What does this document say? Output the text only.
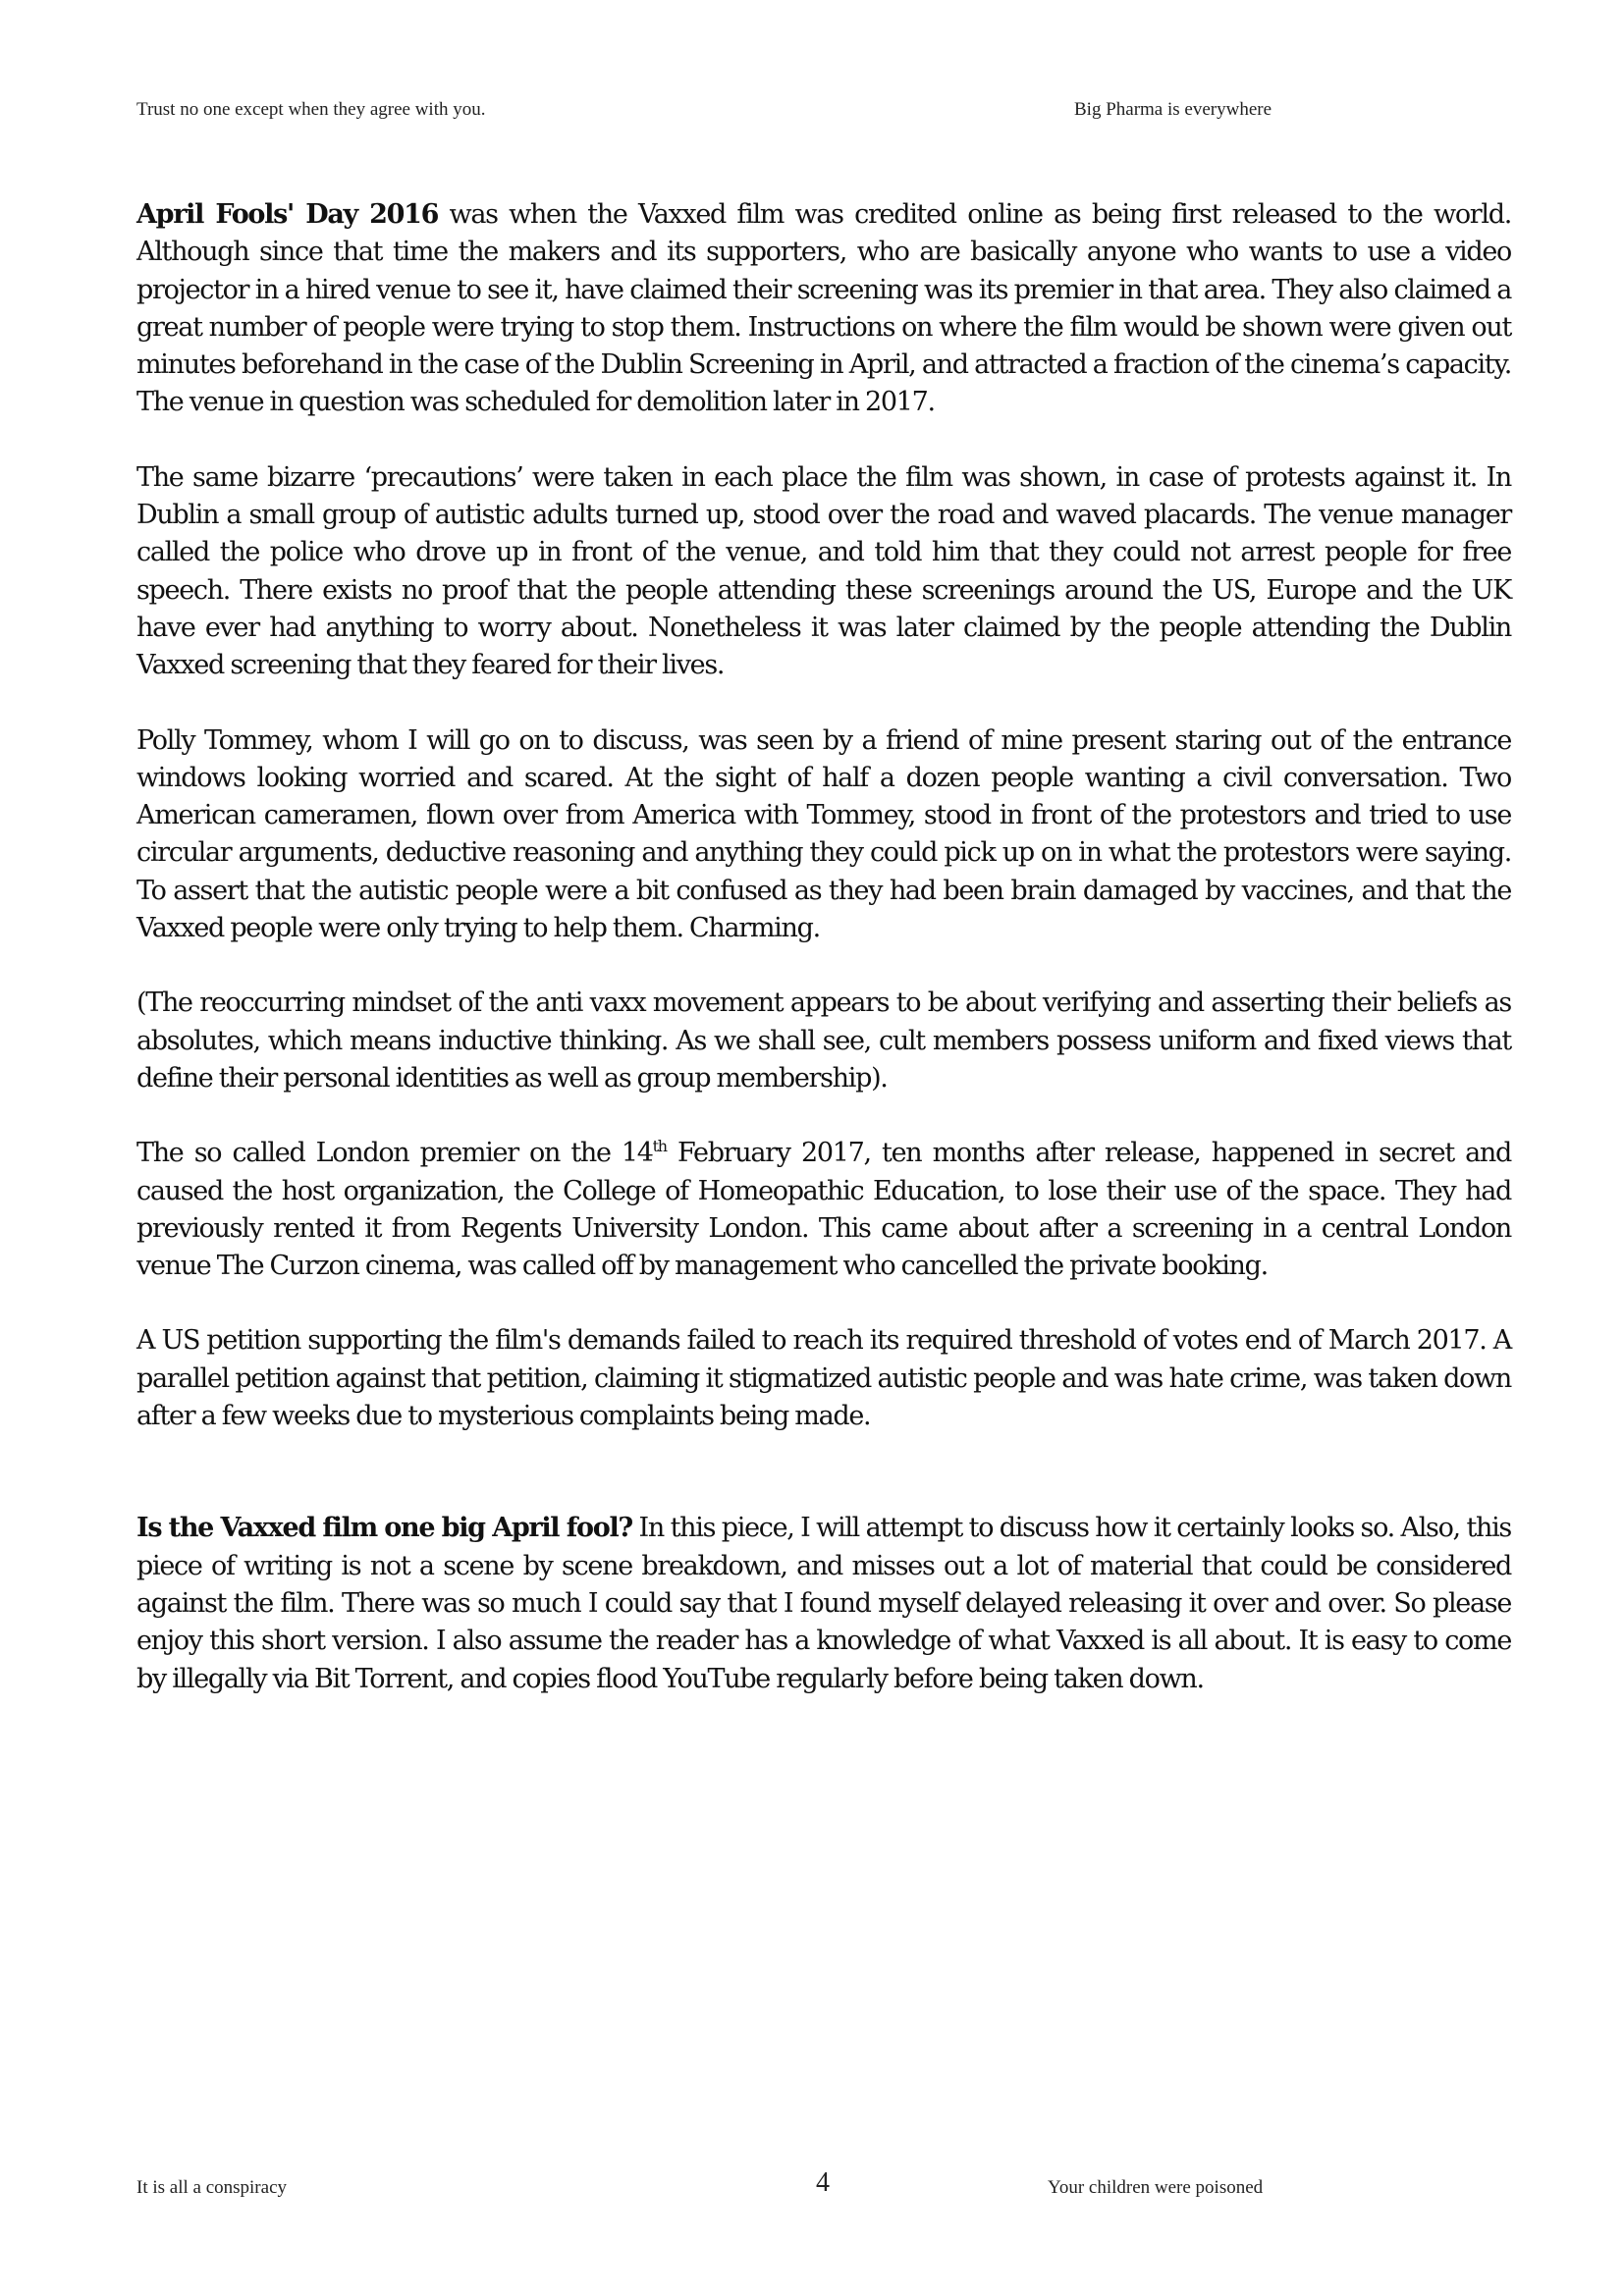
Trust no one except when they agree with you.	Big Pharma is everywhere

April Fools' Day 2016 was when the Vaxxed film was credited online as being first released to the world. Although since that time the makers and its supporters, who are basically anyone who wants to use a video projector in a hired venue to see it, have claimed their screening was its premier in that area. They also claimed a great number of people were trying to stop them. Instructions on where the film would be shown were given out minutes beforehand in the case of the Dublin Screening in April, and attracted a fraction of the cinema’s capacity. The venue in question was scheduled for demolition later in 2017.

The same bizarre ‘precautions’ were taken in each place the film was shown, in case of protests against it. In Dublin a small group of autistic adults turned up, stood over the road and waved placards. The venue manager called the police who drove up in front of the venue, and told him that they could not arrest people for free speech. There exists no proof that the people attending these screenings around the US, Europe and the UK have ever had anything to worry about. Nonetheless it was later claimed by the people attending the Dublin Vaxxed screening that they feared for their lives.

Polly Tommey, whom I will go on to discuss, was seen by a friend of mine present staring out of the entrance windows looking worried and scared. At the sight of half a dozen people wanting a civil conversation. Two American cameramen, flown over from America with Tommey, stood in front of the protestors and tried to use circular arguments, deductive reasoning and anything they could pick up on in what the protestors were saying. To assert that the autistic people were a bit confused as they had been brain damaged by vaccines, and that the Vaxxed people were only trying to help them. Charming.

(The reoccurring mindset of the anti vaxx movement appears to be about verifying and asserting their beliefs as absolutes, which means inductive thinking. As we shall see, cult members possess uniform and fixed views that define their personal identities as well as group membership).

The so called London premier on the 14th February 2017, ten months after release, happened in secret and caused the host organization, the College of Homeopathic Education, to lose their use of the space. They had previously rented it from Regents University London. This came about after a screening in a central London venue The Curzon cinema, was called off by management who cancelled the private booking.

A US petition supporting the film's demands failed to reach its required threshold of votes end of March 2017. A parallel petition against that petition, claiming it stigmatized autistic people and was hate crime, was taken down after a few weeks due to mysterious complaints being made.

Is the Vaxxed film one big April fool? In this piece, I will attempt to discuss how it certainly looks so. Also, this piece of writing is not a scene by scene breakdown, and misses out a lot of material that could be considered against the film. There was so much I could say that I found myself delayed releasing it over and over. So please enjoy this short version. I also assume the reader has a knowledge of what Vaxxed is all about. It is easy to come by illegally via Bit Torrent, and copies flood YouTube regularly before being taken down.

It is all a conspiracy	4	Your children were poisoned
